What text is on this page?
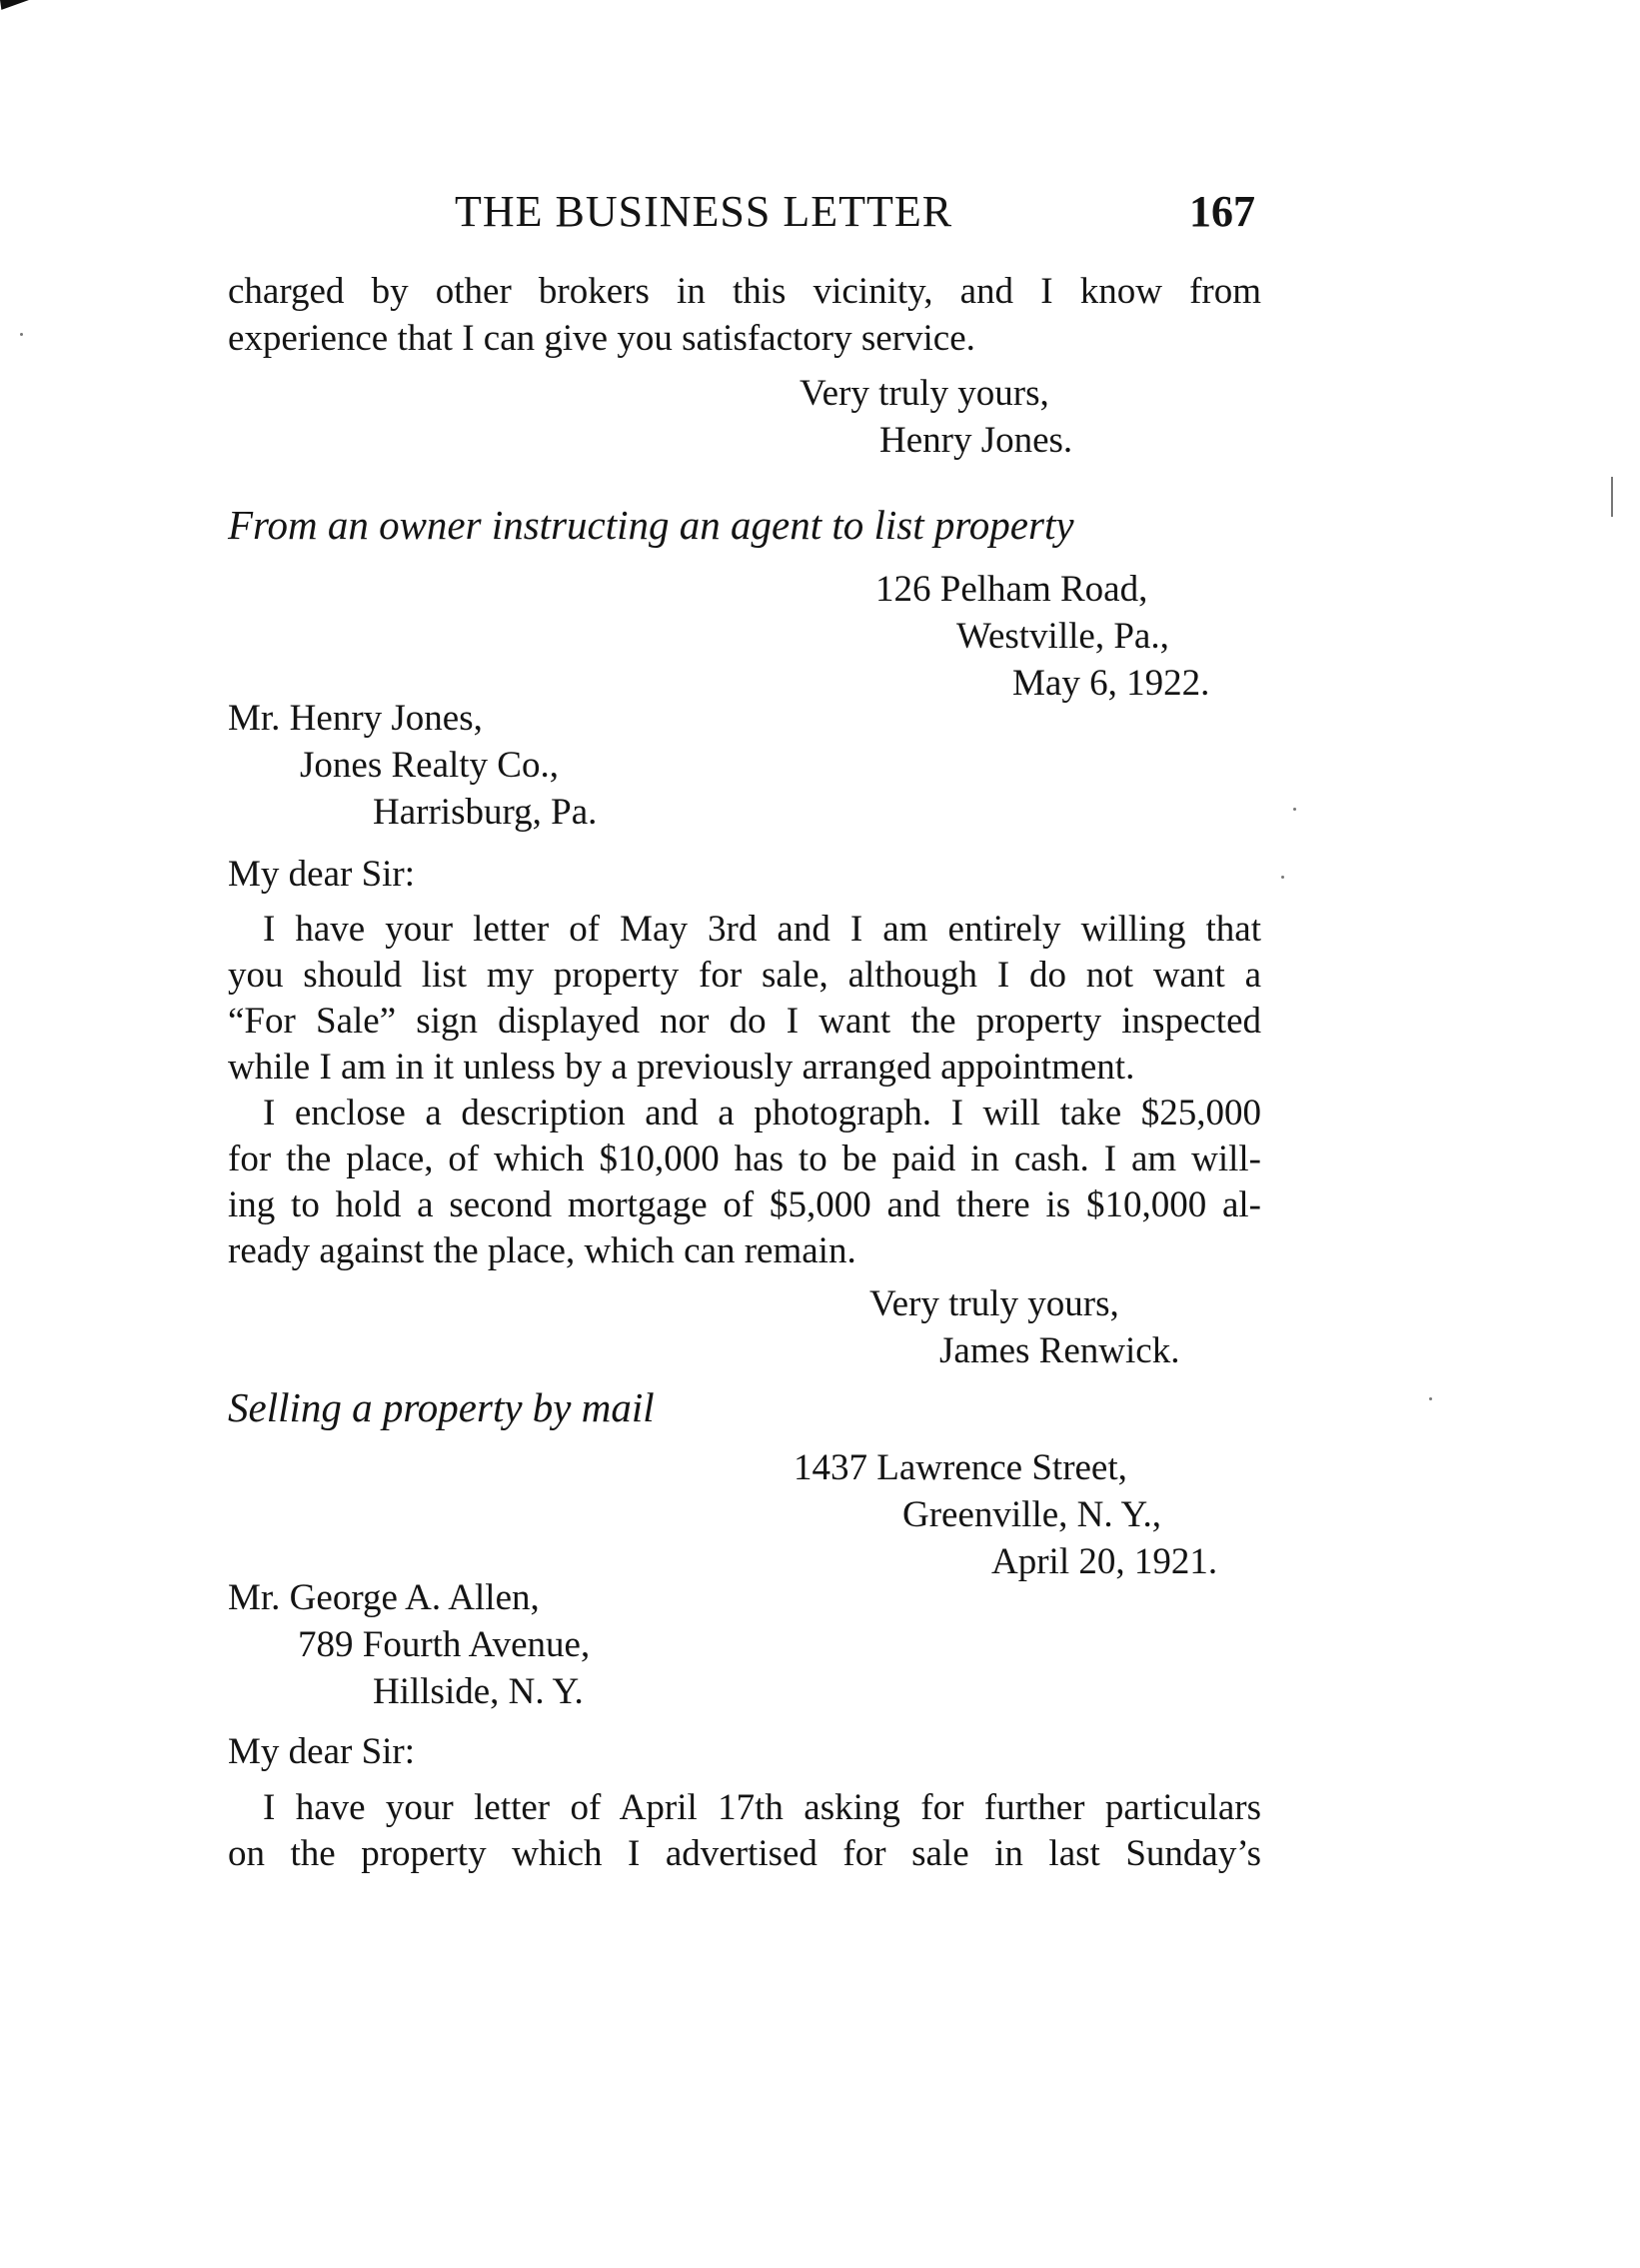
THE BUSINESS LETTER	167
charged by other brokers in this vicinity, and I know from
experience that I can give you satisfactory service.
Very truly yours,
Henry Jones.
From an owner instructing an agent to list property
126 Pelham Road,
Westville, Pa.,
May 6, 1922.
Mr. Henry Jones,
Jones Realty Co.,
Harrisburg, Pa.
My dear Sir:
I have your letter of May 3rd and I am entirely willing that
you should list my property for sale, although I do not want a
“For Sale” sign displayed nor do I want the property inspected
while I am in it unless by a previously arranged appointment.
I enclose a description and a photograph. I will take $25,000
for the place, of which $10,000 has to be paid in cash. I am will-
ing to hold a second mortgage of $5,000 and there is $10,000 al-
ready against the place, which can remain.
Very truly yours,
James Renwick.
Selling a property by mail
1437 Lawrence Street,
Greenville, N. Y.,
April 20, 1921.
Mr. George A. Allen,
789 Fourth Avenue,
Hillside, N. Y.
My dear Sir:
I have your letter of April 17th asking for further particulars
on the property which I advertised for sale in last Sunday’s
